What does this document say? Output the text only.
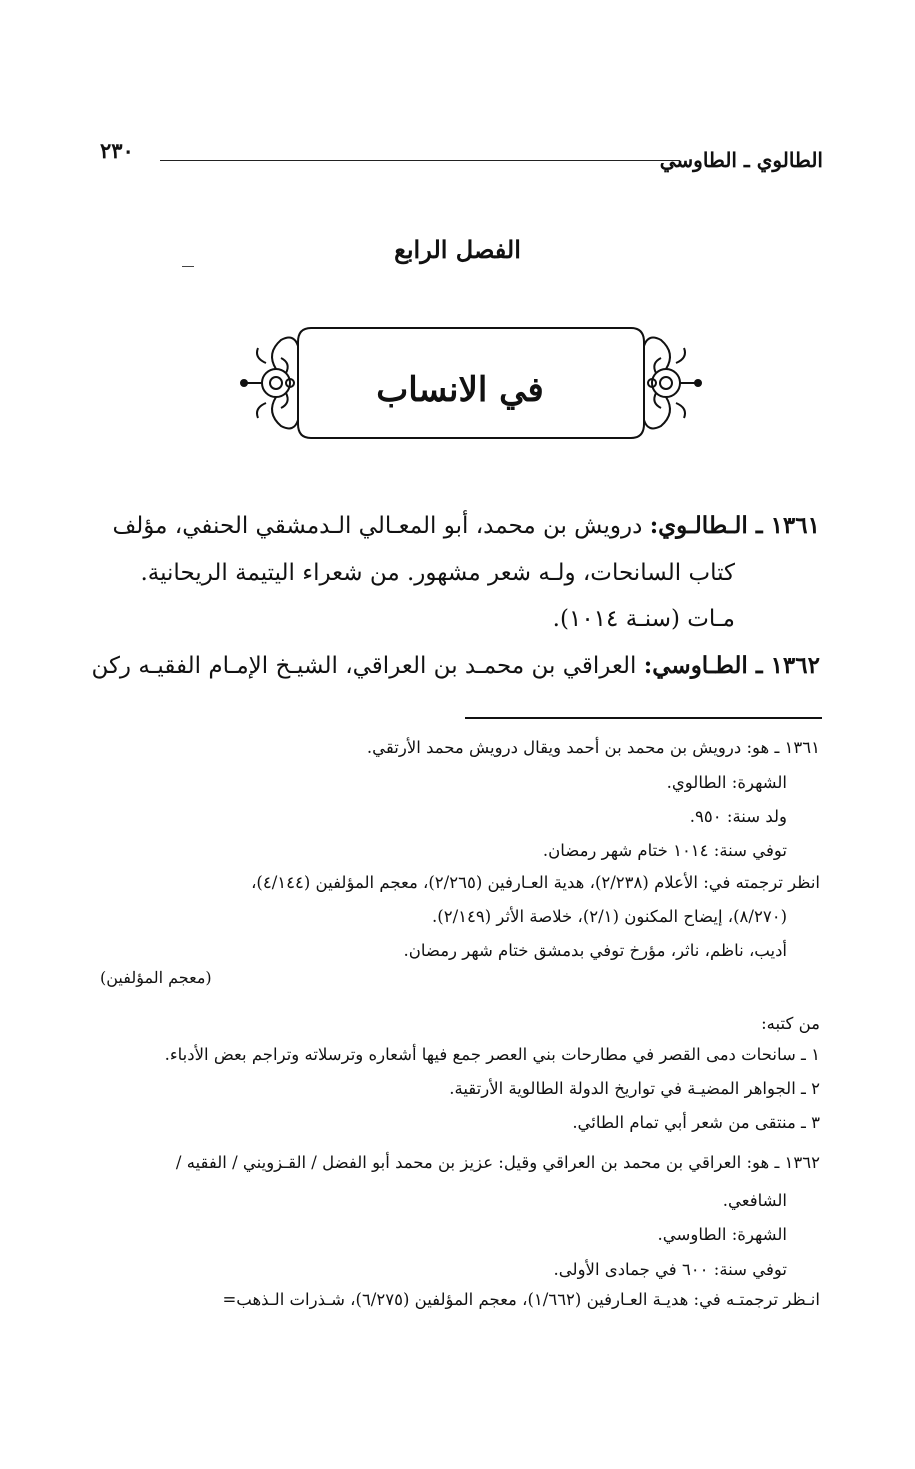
الطالوي ـ الطاوسي
٢٣٠
الفصل الرابع
في الانساب
١٣٦١ ـ الـطالـوي: درويش بن محمد، أبو المعـالي الـدمشقي الحنفي، مؤلف
كتاب السانحات، ولـه شعر مشهور. من شعراء اليتيمة الريحانية.
مـات (سنـة ١٠١٤).
١٣٦٢ ـ الطـاوسي: العراقي بن محمـد بن العراقي، الشيـخ الإمـام الفقيـه ركن
١٣٦١ ـ هو: درويش بن محمد بن أحمد ويقال درويش محمد الأرتقي.
الشهرة: الطالوي.
ولد سنة: ٩٥٠.
توفي سنة: ١٠١٤ ختام شهر رمضان.
انظر ترجمته في: الأعلام (٢/٢٣٨)، هدية العـارفين (٢/٢٦٥)، معجم المؤلفين (٤/١٤٤)،
(٨/٢٧٠)، إيضاح المكنون (٢/١)، خلاصة الأثر (٢/١٤٩).
أديب، ناظم، ناثر، مؤرخ توفي بدمشق ختام شهر رمضان.
(معجم المؤلفين)
من كتبه:
١ ـ سانحات دمى القصر في مطارحات بني العصر جمع فيها أشعاره وترسلاته وتراجم بعض الأدباء.
٢ ـ الجواهر المضيـة في تواريخ الدولة الطالوية الأرتقية.
٣ ـ منتقى من شعر أبي تمام الطائي.
١٣٦٢ ـ هو: العراقي بن محمد بن العراقي وقيل: عزيز بن محمد أبو الفضل / القـزويني / الفقيه /
الشافعي.
الشهرة: الطاوسي.
توفي سنة: ٦٠٠ في جمادى الأولى.
انـظر ترجمتـه في: هديـة العـارفين (١/٦٦٢)، معجم المؤلفين (٦/٢٧٥)، شـذرات الـذهب=
